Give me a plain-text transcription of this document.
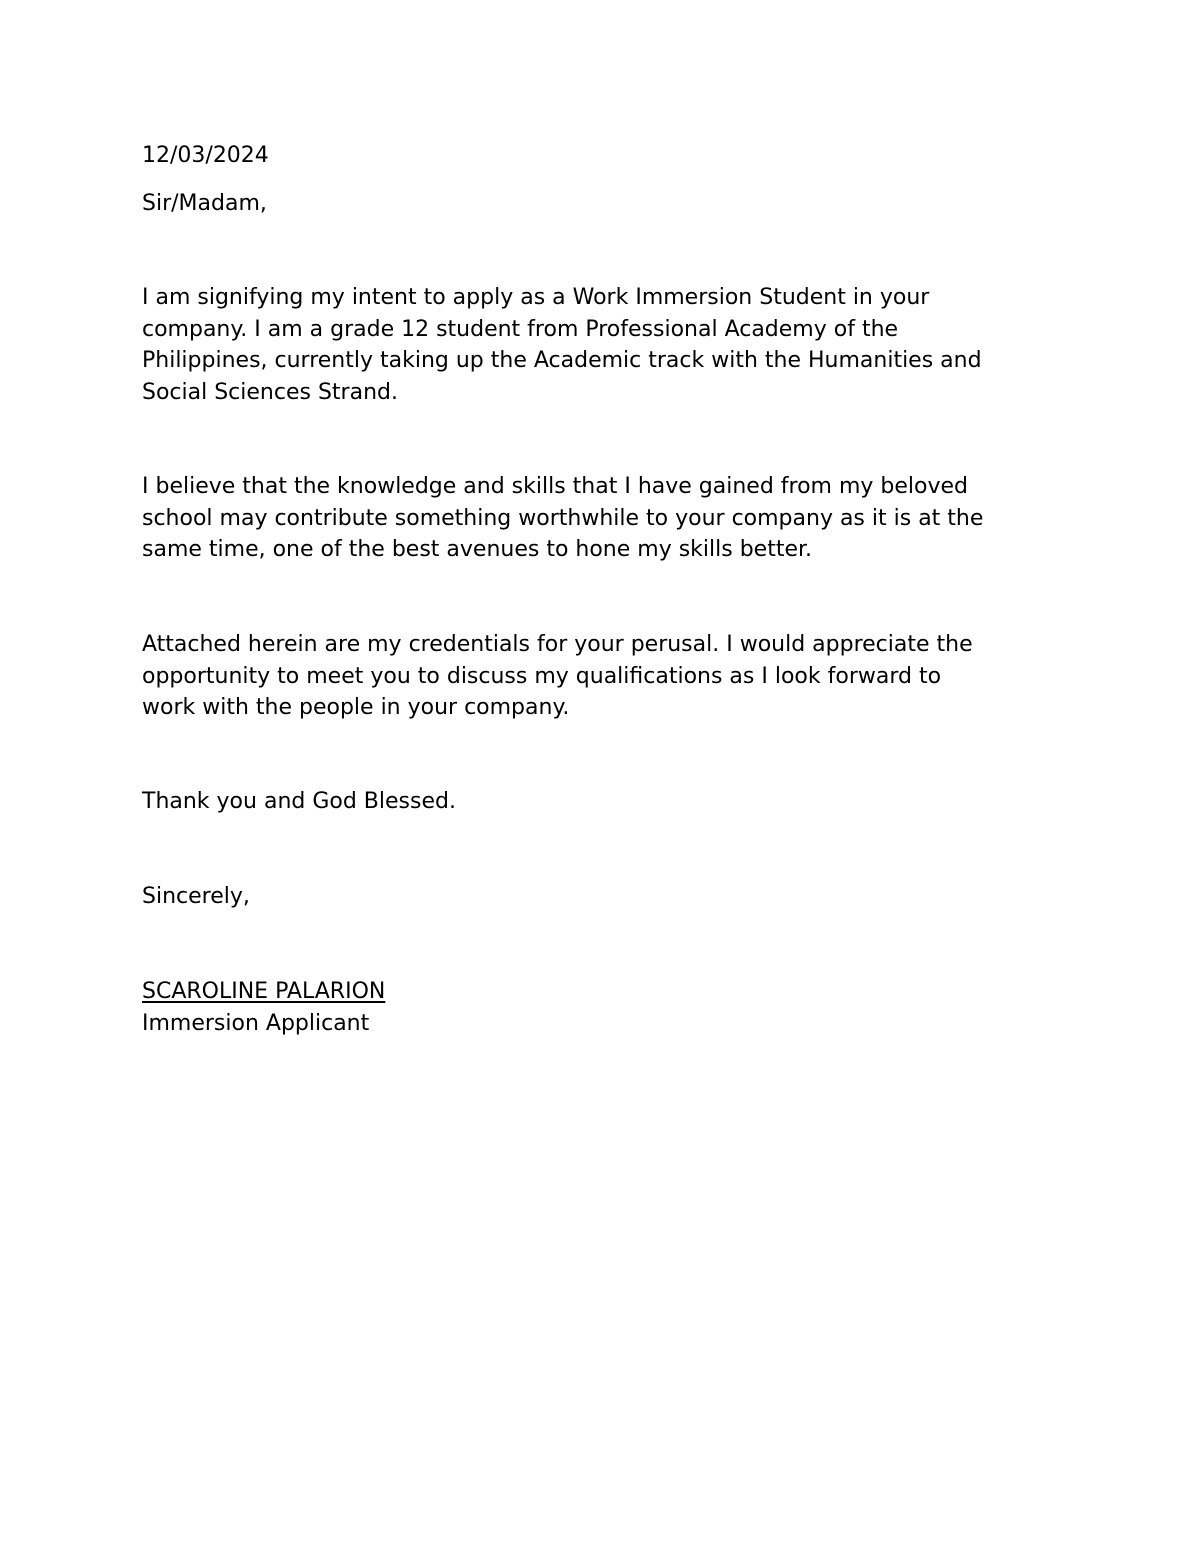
12/03/2024

Sir/Madam,

I am signifying my intent to apply as a Work Immersion Student in your
company. I am a grade 12 student from Professional Academy of the
Philippines, currently taking up the Academic track with the Humanities and
Social Sciences Strand.
I believe that the knowledge and skills that I have gained from my beloved
school may contribute something worthwhile to your company as it is at the
same time, one of the best avenues to hone my skills better.
Attached herein are my credentials for your perusal. I would appreciate the
opportunity to meet you to discuss my qualifications as I look forward to
work with the people in your company.

Thank you and God Blessed.

Sincerely,

SCAROLINE PALARION

Immersion Applicant
